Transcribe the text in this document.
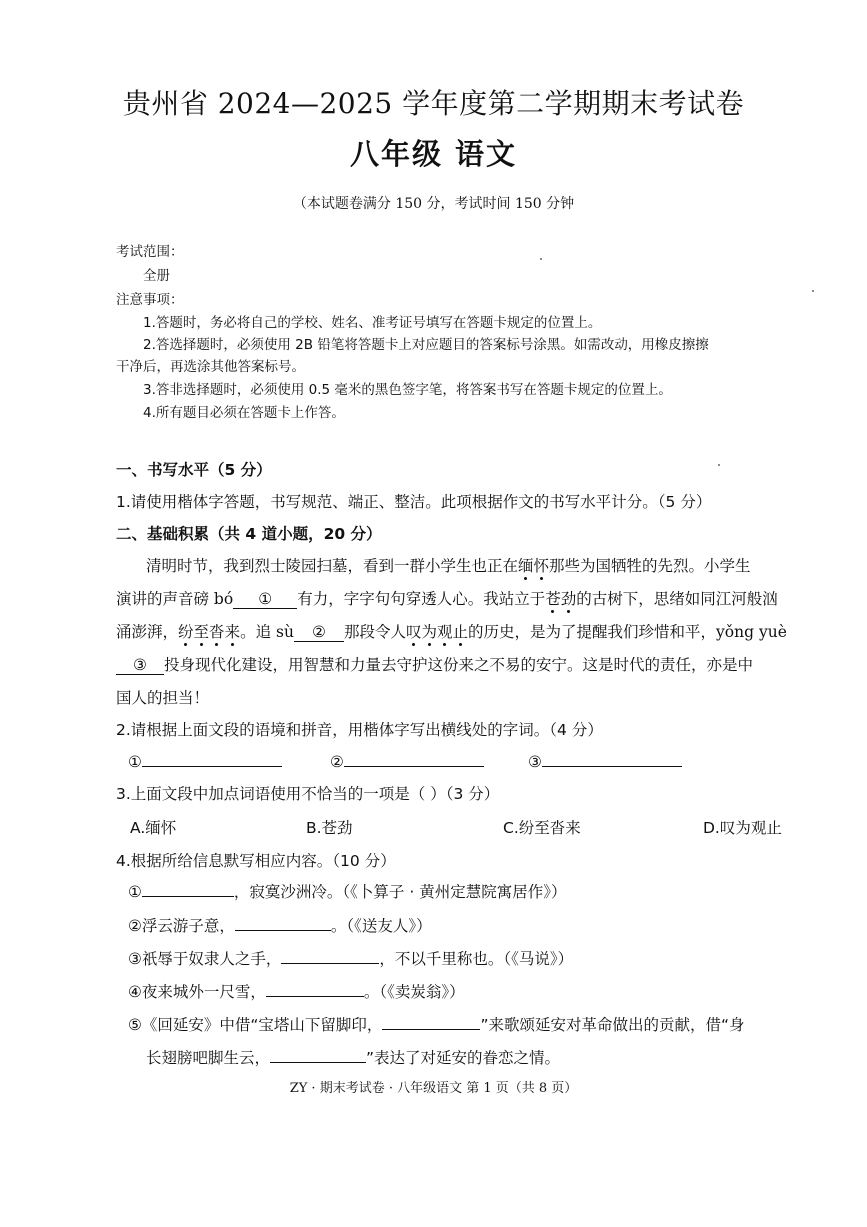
贵州省 2024—2025 学年度第二学期期末考试卷
八年级 语文
（本试题卷满分 150 分，考试时间 150 分钟
考试范围：
全册
注意事项：
1.答题时，务必将自己的学校、姓名、准考证号填写在答题卡规定的位置上。
2.答选择题时，必须使用 2B 铅笔将答题卡上对应题目的答案标号涂黑。如需改动，用橡皮擦擦
干净后，再选涂其他答案标号。
3.答非选择题时，必须使用 0.5 毫米的黑色签字笔，将答案书写在答题卡规定的位置上。
4.所有题目必须在答题卡上作答。
一、书写水平（5 分）
1.请使用楷体字答题，书写规范、端正、整洁。此项根据作文的书写水平计分。（5 分）
二、基础积累（共 4 道小题，20 分）
清明时节，我到烈士陵园扫墓，看到一群小学生也正在缅怀那些为国牺牲的先烈。小学生
演讲的声音磅 bó ① 有力，字字句句穿透人心。我站立于苍劲的古树下，思绪如同江河般汹
涌澎湃，纷至沓来。追 sù ② 那段令人叹为观止的历史，是为了提醒我们珍惜和平，yǒng yuè
③ 投身现代化建设，用智慧和力量去守护这份来之不易的安宁。这是时代的责任，亦是中
国人的担当！
2.请根据上面文段的语境和拼音，用楷体字写出横线处的字词。（4 分）
①	②	③
3.上面文段中加点词语使用不恰当的一项是（ ）（3 分）
A.缅怀	B.苍劲	C.纷至沓来	D.叹为观止
4.根据所给信息默写相应内容。（10 分）
①	，寂寞沙洲冷。（《卜算子 · 黄州定慧院寓居作》）
②浮云游子意，	。（《送友人》）
③祇辱于奴隶人之手，	，不以千里称也。（《马说》）
④夜来城外一尺雪，	。（《卖炭翁》）
⑤《回延安》中借“宝塔山下留脚印，	”来歌颂延安对革命做出的贡献，借“身
长翅膀吧脚生云，	”表达了对延安的眷恋之情。
ZY · 期末考试卷 · 八年级语文 第 1 页（共 8 页）
